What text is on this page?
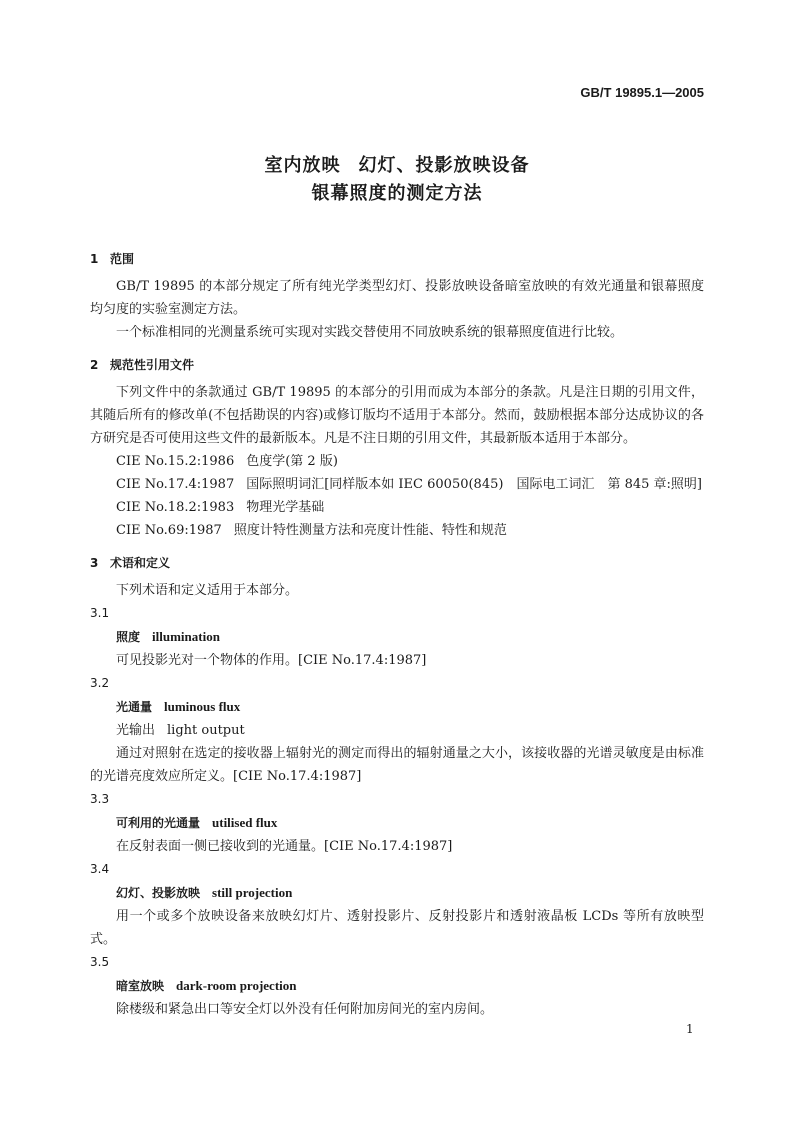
GB/T 19895.1—2005
室内放映 幻灯、投影放映设备
银幕照度的测定方法
1 范围
GB/T 19895 的本部分规定了所有纯光学类型幻灯、投影放映设备暗室放映的有效光通量和银幕照度均匀度的实验室测定方法。
一个标准相同的光测量系统可实现对实践交替使用不同放映系统的银幕照度值进行比较。
2 规范性引用文件
下列文件中的条款通过 GB/T 19895 的本部分的引用而成为本部分的条款。凡是注日期的引用文件，其随后所有的修改单(不包括勘误的内容)或修订版均不适用于本部分。然而，鼓励根据本部分达成协议的各方研究是否可使用这些文件的最新版本。凡是不注日期的引用文件，其最新版本适用于本部分。
CIE No.15.2:1986 色度学(第 2 版)
CIE No.17.4:1987 国际照明词汇[同样版本如 IEC 60050(845)　国际电工词汇　第 845 章:照明]
CIE No.18.2:1983 物理光学基础
CIE No.69:1987 照度计特性测量方法和亮度计性能、特性和规范
3 术语和定义
下列术语和定义适用于本部分。
3.1
照度 illumination
可见投影光对一个物体的作用。[CIE No.17.4:1987]
3.2
光通量 luminous flux
光输出 light output
通过对照射在选定的接收器上辐射光的测定而得出的辐射通量之大小，该接收器的光谱灵敏度是由标准的光谱亮度效应所定义。[CIE No.17.4:1987]
3.3
可利用的光通量 utilised flux
在反射表面一侧已接收到的光通量。[CIE No.17.4:1987]
3.4
幻灯、投影放映 still projection
用一个或多个放映设备来放映幻灯片、透射投影片、反射投影片和透射液晶板 LCDs 等所有放映型式。
3.5
暗室放映 dark-room projection
除楼级和紧急出口等安全灯以外没有任何附加房间光的室内房间。
1
